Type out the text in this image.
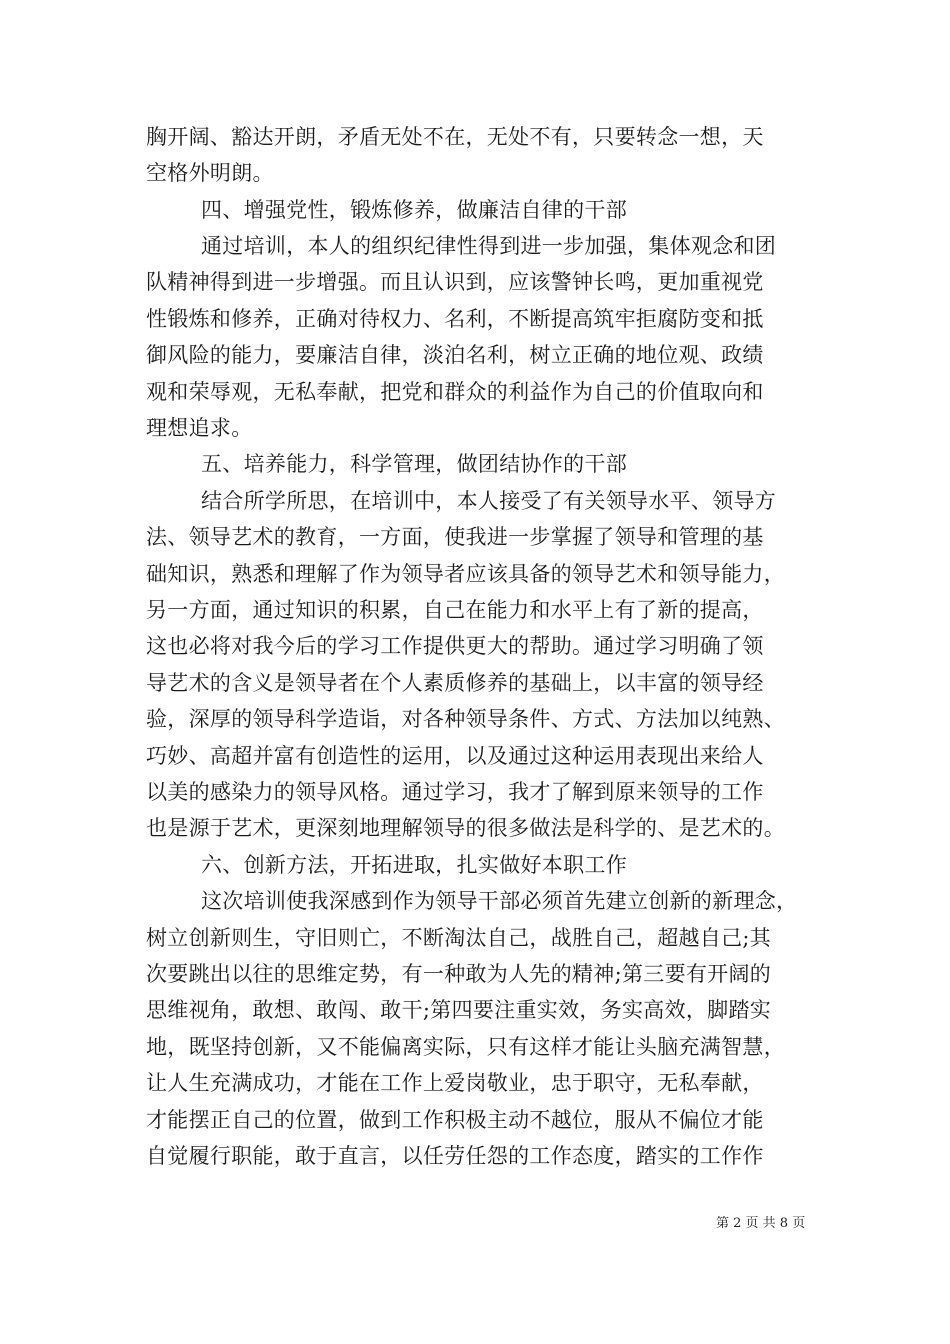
胸开阔、豁达开朗，矛盾无处不在，无处不有，只要转念一想，天
空格外明朗。
四、增强党性，锻炼修养，做廉洁自律的干部
通过培训，本人的组织纪律性得到进一步加强，集体观念和团
队精神得到进一步增强。而且认识到，应该警钟长鸣，更加重视党
性锻炼和修养，正确对待权力、名利，不断提高筑牢拒腐防变和抵
御风险的能力，要廉洁自律，淡泊名利，树立正确的地位观、政绩
观和荣辱观，无私奉献，把党和群众的利益作为自己的价值取向和
理想追求。
五、培养能力，科学管理，做团结协作的干部
结合所学所思，在培训中，本人接受了有关领导水平、领导方
法、领导艺术的教育，一方面，使我进一步掌握了领导和管理的基
础知识，熟悉和理解了作为领导者应该具备的领导艺术和领导能力，
另一方面，通过知识的积累，自己在能力和水平上有了新的提高，
这也必将对我今后的学习工作提供更大的帮助。通过学习明确了领
导艺术的含义是领导者在个人素质修养的基础上，以丰富的领导经
验，深厚的领导科学造诣，对各种领导条件、方式、方法加以纯熟、
巧妙、高超并富有创造性的运用，以及通过这种运用表现出来给人
以美的感染力的领导风格。通过学习，我才了解到原来领导的工作
也是源于艺术，更深刻地理解领导的很多做法是科学的、是艺术的。
六、创新方法，开拓进取，扎实做好本职工作
这次培训使我深感到作为领导干部必须首先建立创新的新理念，
树立创新则生，守旧则亡，不断淘汰自己，战胜自己，超越自己;其
次要跳出以往的思维定势，有一种敢为人先的精神;第三要有开阔的
思维视角，敢想、敢闯、敢干;第四要注重实效，务实高效，脚踏实
地，既坚持创新，又不能偏离实际，只有这样才能让头脑充满智慧，
让人生充满成功，才能在工作上爱岗敬业，忠于职守，无私奉献，
才能摆正自己的位置，做到工作积极主动不越位，服从不偏位才能
自觉履行职能，敢于直言，以任劳任怨的工作态度，踏实的工作作
第 2 页 共 8 页
